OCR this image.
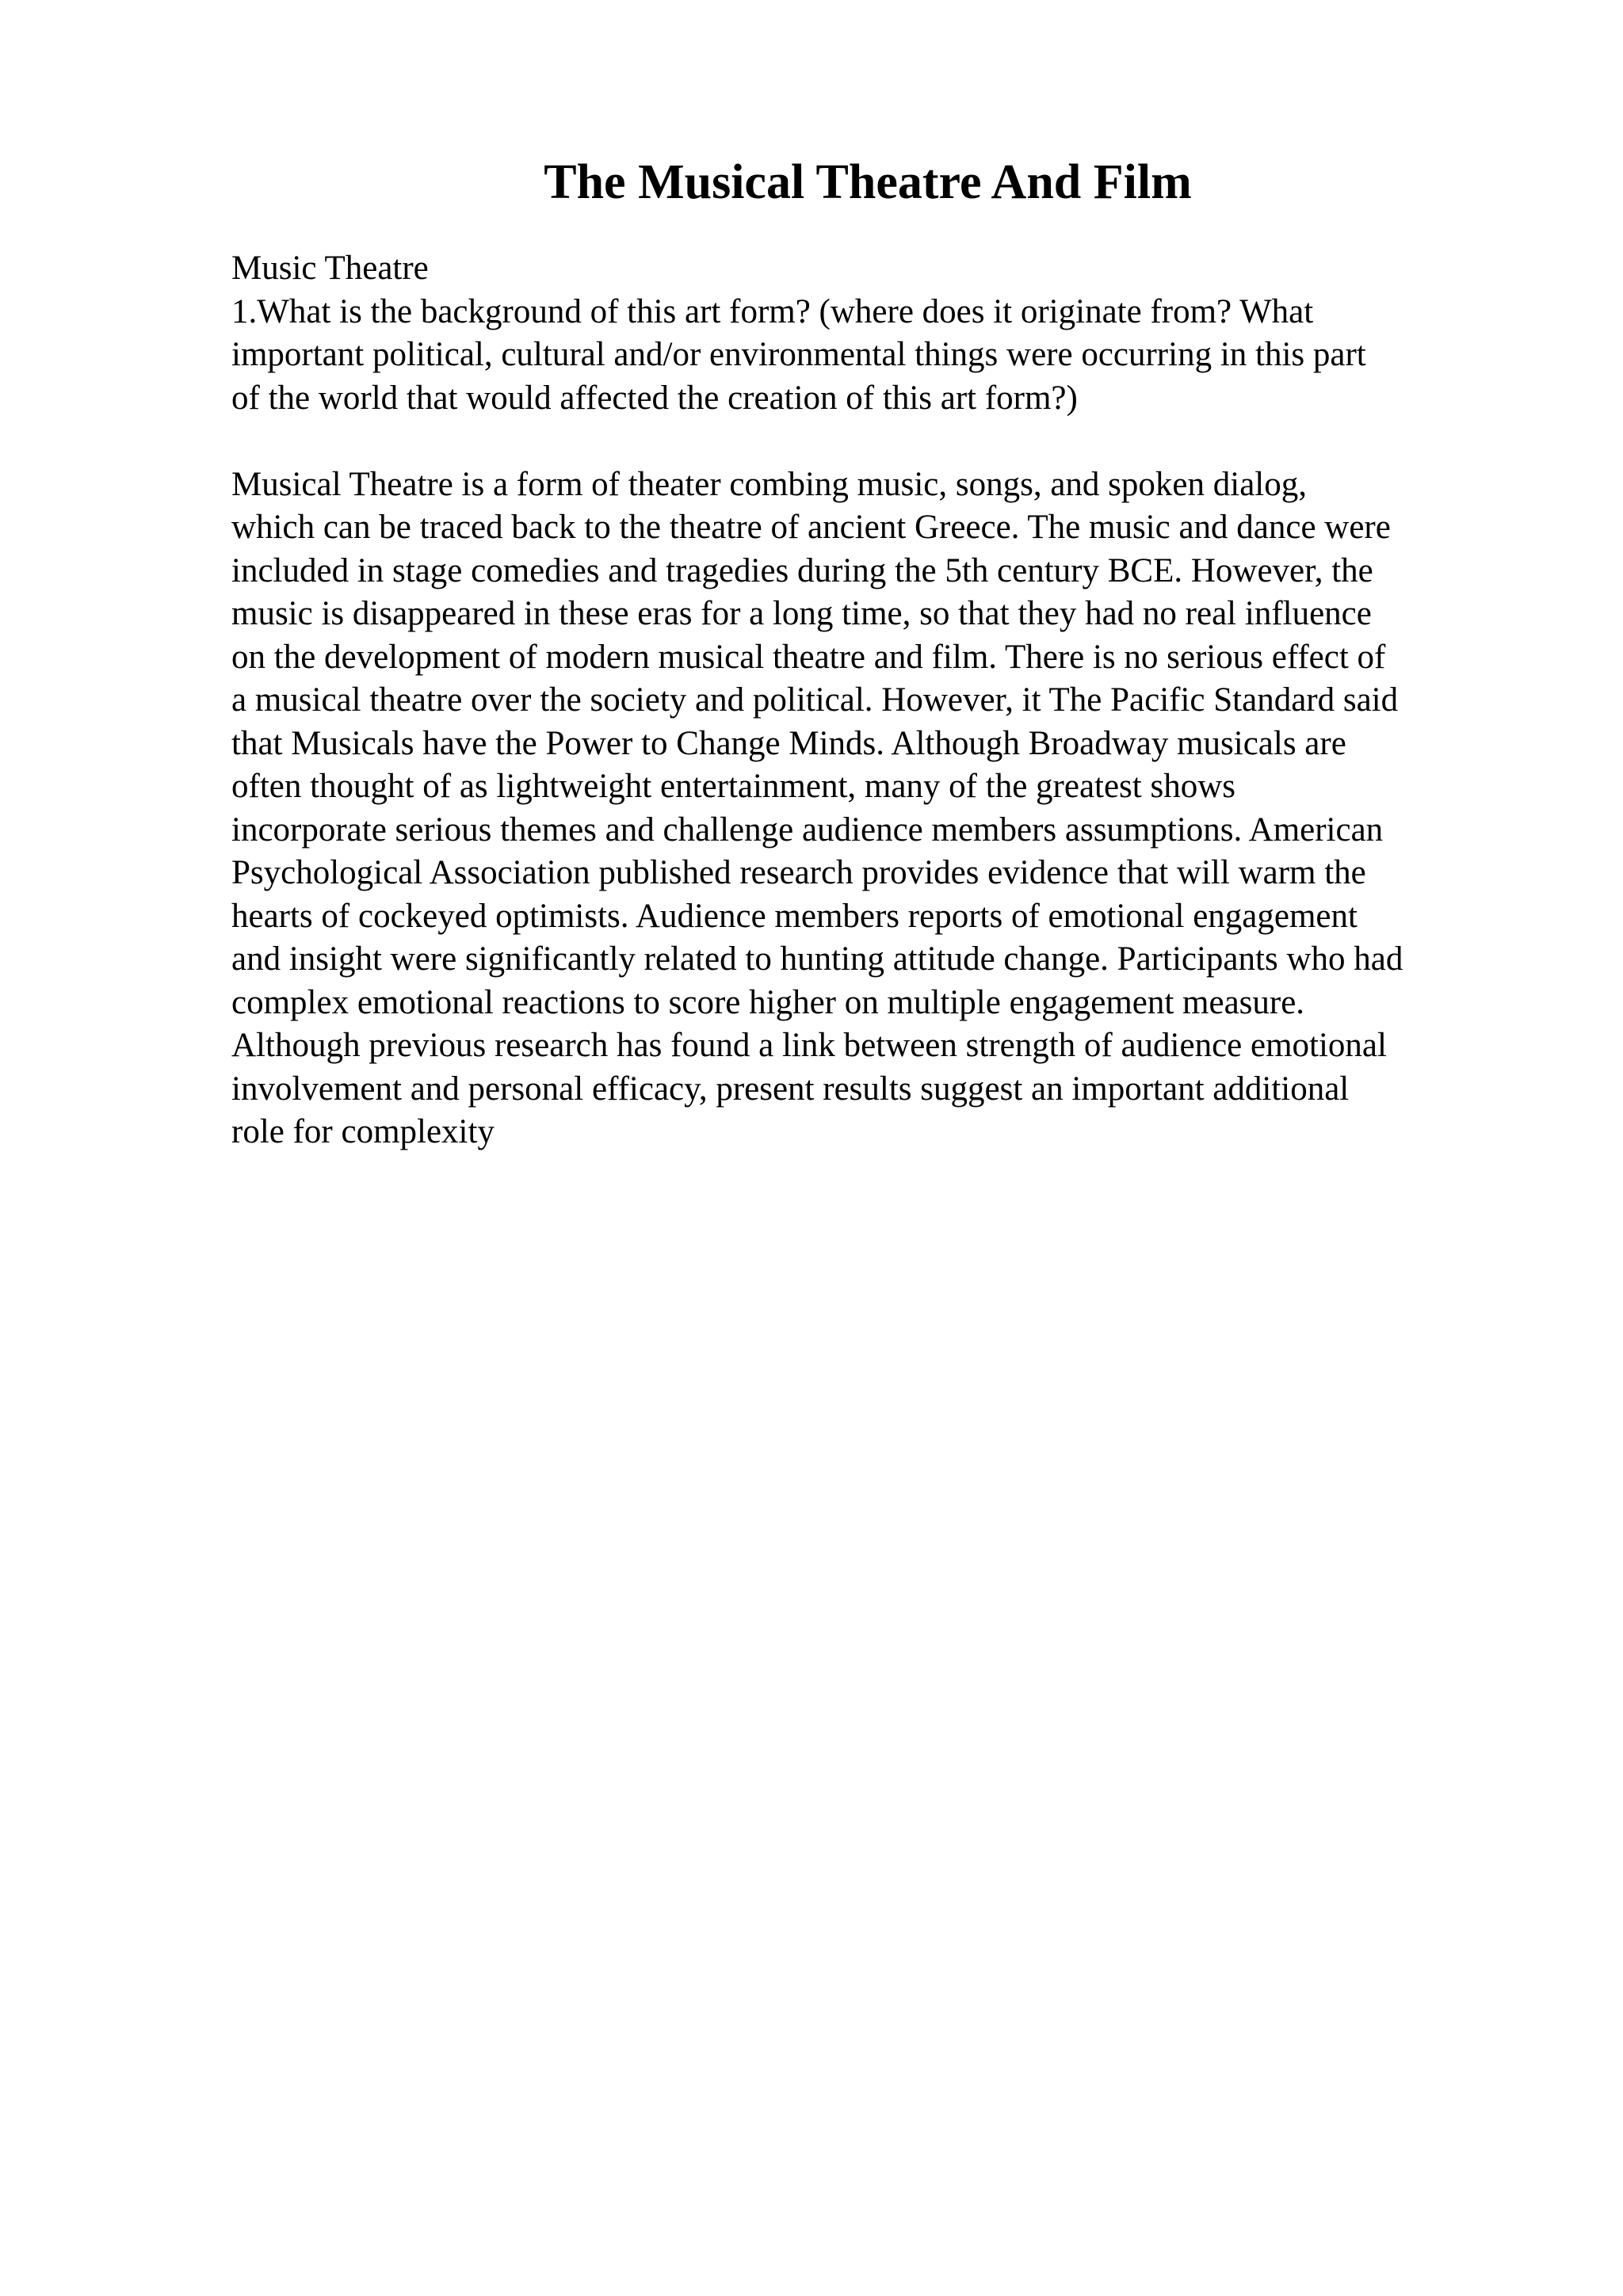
The Musical Theatre And Film
Music Theatre
1.What is the background of this art form? (where does it originate from? What
important political, cultural and/or environmental things were occurring in this part
of the world that would affected the creation of this art form?)
Musical Theatre is a form of theater combing music, songs, and spoken dialog,
which can be traced back to the theatre of ancient Greece. The music and dance were
included in stage comedies and tragedies during the 5th century BCE. However, the
music is disappeared in these eras for a long time, so that they had no real influence
on the development of modern musical theatre and film. There is no serious effect of
a musical theatre over the society and political. However, it The Pacific Standard said
that Musicals have the Power to Change Minds. Although Broadway musicals are
often thought of as lightweight entertainment, many of the greatest shows
incorporate serious themes and challenge audience members assumptions. American
Psychological Association published research provides evidence that will warm the
hearts of cockeyed optimists. Audience members reports of emotional engagement
and insight were significantly related to hunting attitude change. Participants who had
complex emotional reactions to score higher on multiple engagement measure.
Although previous research has found a link between strength of audience emotional
involvement and personal efficacy, present results suggest an important additional
role for complexity
